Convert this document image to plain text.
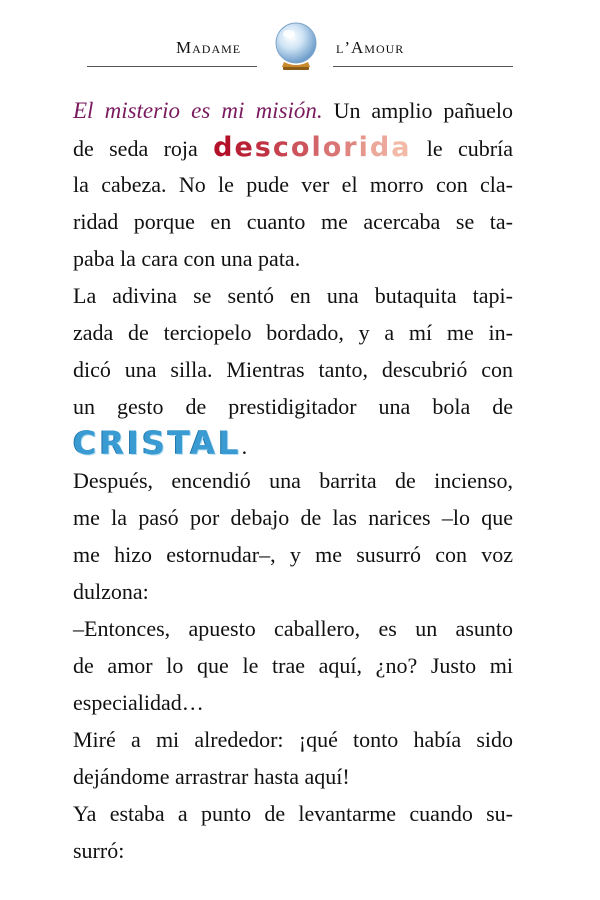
Madame	l’Amour
El misterio es mi misión. Un amplio pañuelo
de seda roja descolorida le cubría
la cabeza. No le pude ver el morro con cla-
ridad porque en cuanto me acercaba se ta-
paba la cara con una pata.
La adivina se sentó en una butaquita tapi-
zada de terciopelo bordado, y a mí me in-
dicó una silla. Mientras tanto, descubrió con
un gesto de prestidigitador una bola de
CRISTAL.
Después, encendió una barrita de incienso,
me la pasó por debajo de las narices –lo que
me hizo estornudar–, y me susurró con voz
dulzona:
–Entonces, apuesto caballero, es un asunto
de amor lo que le trae aquí, ¿no? Justo mi
especialidad…
Miré a mi alrededor: ¡qué tonto había sido
dejándome arrastrar hasta aquí!
Ya estaba a punto de levantarme cuando su-
surró:
